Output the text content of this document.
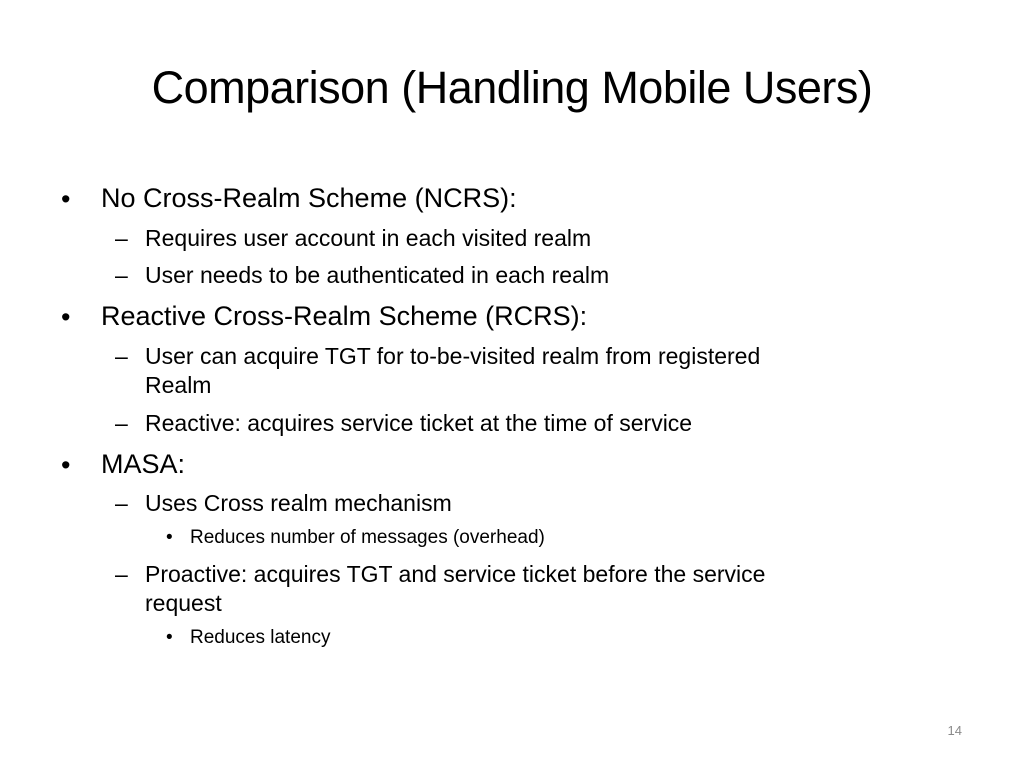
Comparison (Handling Mobile Users)
• No Cross-Realm Scheme (NCRS):
– Requires user account in each visited realm
– User needs to be authenticated in each realm
• Reactive Cross-Realm Scheme (RCRS):
– User can acquire TGT for to-be-visited realm from registered
Realm
– Reactive: acquires service ticket at the time of service
• MASA:
– Uses Cross realm mechanism
• Reduces number of messages (overhead)
– Proactive: acquires TGT and service ticket before the service
request
• Reduces latency
14
